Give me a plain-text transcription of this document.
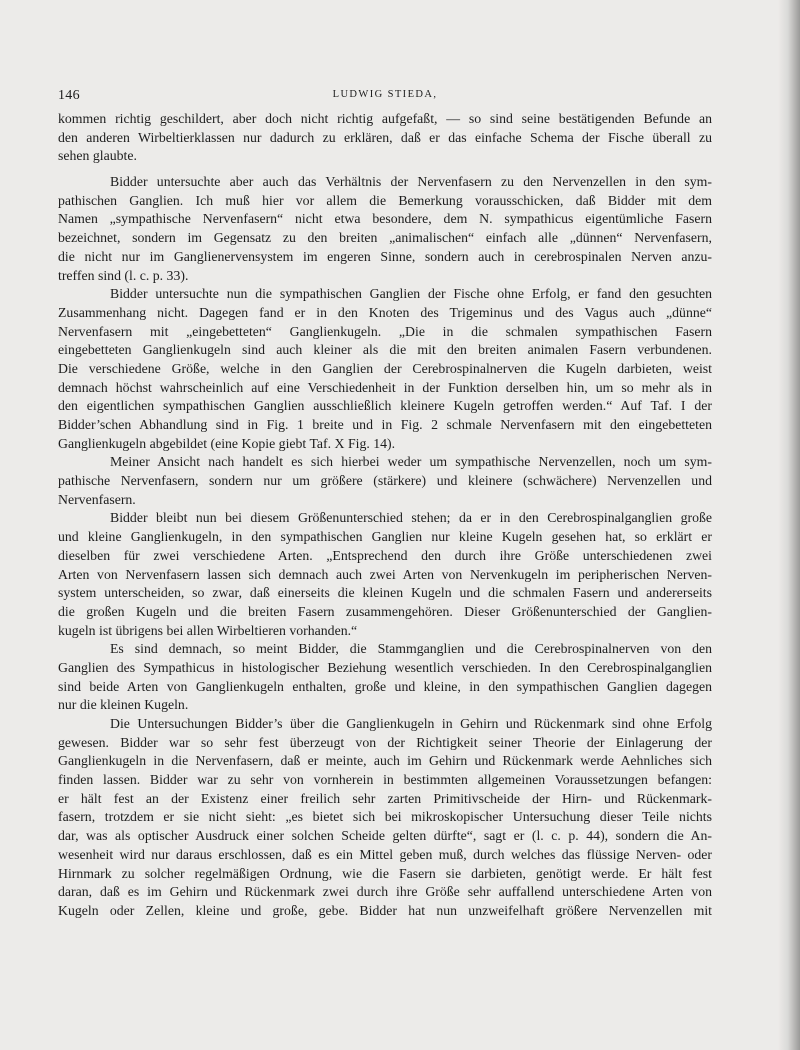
146	LUDWIG STIEDA,
kommen richtig geschildert, aber doch nicht richtig aufgefaßt, — so sind seine bestätigenden Befunde an
den anderen Wirbeltierklassen nur dadurch zu erklären, daß er das einfache Schema der Fische überall zu
sehen glaubte.
Bidder untersuchte aber auch das Verhältnis der Nervenfasern zu den Nervenzellen in den sym-
pathischen Ganglien. Ich muß hier vor allem die Bemerkung vorausschicken, daß Bidder mit dem
Namen „sympathische Nervenfasern“ nicht etwa besondere, dem N. sympathicus eigentümliche Fasern
bezeichnet, sondern im Gegensatz zu den breiten „animalischen“ einfach alle „dünnen“ Nervenfasern,
die nicht nur im Ganglienervensystem im engeren Sinne, sondern auch in cerebrospinalen Nerven anzu-
treffen sind (l. c. p. 33).
Bidder untersuchte nun die sympathischen Ganglien der Fische ohne Erfolg, er fand den gesuchten
Zusammenhang nicht. Dagegen fand er in den Knoten des Trigeminus und des Vagus auch „dünne“
Nervenfasern mit „eingebetteten“ Ganglienkugeln. „Die in die schmalen sympathischen Fasern
eingebetteten Ganglienkugeln sind auch kleiner als die mit den breiten animalen Fasern verbundenen.
Die verschiedene Größe, welche in den Ganglien der Cerebrospinalnerven die Kugeln darbieten, weist
demnach höchst wahrscheinlich auf eine Verschiedenheit in der Funktion derselben hin, um so mehr als in
den eigentlichen sympathischen Ganglien ausschließlich kleinere Kugeln getroffen werden.“ Auf Taf. I der
Bidder’schen Abhandlung sind in Fig. 1 breite und in Fig. 2 schmale Nervenfasern mit den eingebetteten
Ganglienkugeln abgebildet (eine Kopie giebt Taf. X Fig. 14).
Meiner Ansicht nach handelt es sich hierbei weder um sympathische Nervenzellen, noch um sym-
pathische Nervenfasern, sondern nur um größere (stärkere) und kleinere (schwächere) Nervenzellen und
Nervenfasern.
Bidder bleibt nun bei diesem Größenunterschied stehen; da er in den Cerebrospinalganglien große
und kleine Ganglienkugeln, in den sympathischen Ganglien nur kleine Kugeln gesehen hat, so erklärt er
dieselben für zwei verschiedene Arten. „Entsprechend den durch ihre Größe unterschiedenen zwei
Arten von Nervenfasern lassen sich demnach auch zwei Arten von Nervenkugeln im peripherischen Nerven-
system unterscheiden, so zwar, daß einerseits die kleinen Kugeln und die schmalen Fasern und andererseits
die großen Kugeln und die breiten Fasern zusammengehören. Dieser Größenunterschied der Ganglien-
kugeln ist übrigens bei allen Wirbeltieren vorhanden.“
Es sind demnach, so meint Bidder, die Stammganglien und die Cerebrospinalnerven von den
Ganglien des Sympathicus in histologischer Beziehung wesentlich verschieden. In den Cerebrospinalganglien
sind beide Arten von Ganglienkugeln enthalten, große und kleine, in den sympathischen Ganglien dagegen
nur die kleinen Kugeln.
Die Untersuchungen Bidder’s über die Ganglienkugeln in Gehirn und Rückenmark sind ohne Erfolg
gewesen. Bidder war so sehr fest überzeugt von der Richtigkeit seiner Theorie der Einlagerung der
Ganglienkugeln in die Nervenfasern, daß er meinte, auch im Gehirn und Rückenmark werde Aehnliches sich
finden lassen. Bidder war zu sehr von vornherein in bestimmten allgemeinen Voraussetzungen befangen:
er hält fest an der Existenz einer freilich sehr zarten Primitivscheide der Hirn- und Rückenmark-
fasern, trotzdem er sie nicht sieht: „es bietet sich bei mikroskopischer Untersuchung dieser Teile nichts
dar, was als optischer Ausdruck einer solchen Scheide gelten dürfte“, sagt er (l. c. p. 44), sondern die An-
wesenheit wird nur daraus erschlossen, daß es ein Mittel geben muß, durch welches das flüssige Nerven- oder
Hirnmark zu solcher regelmäßigen Ordnung, wie die Fasern sie darbieten, genötigt werde. Er hält fest
daran, daß es im Gehirn und Rückenmark zwei durch ihre Größe sehr auffallend unterschiedene Arten von
Kugeln oder Zellen, kleine und große, gebe. Bidder hat nun unzweifelhaft größere Nervenzellen mit
